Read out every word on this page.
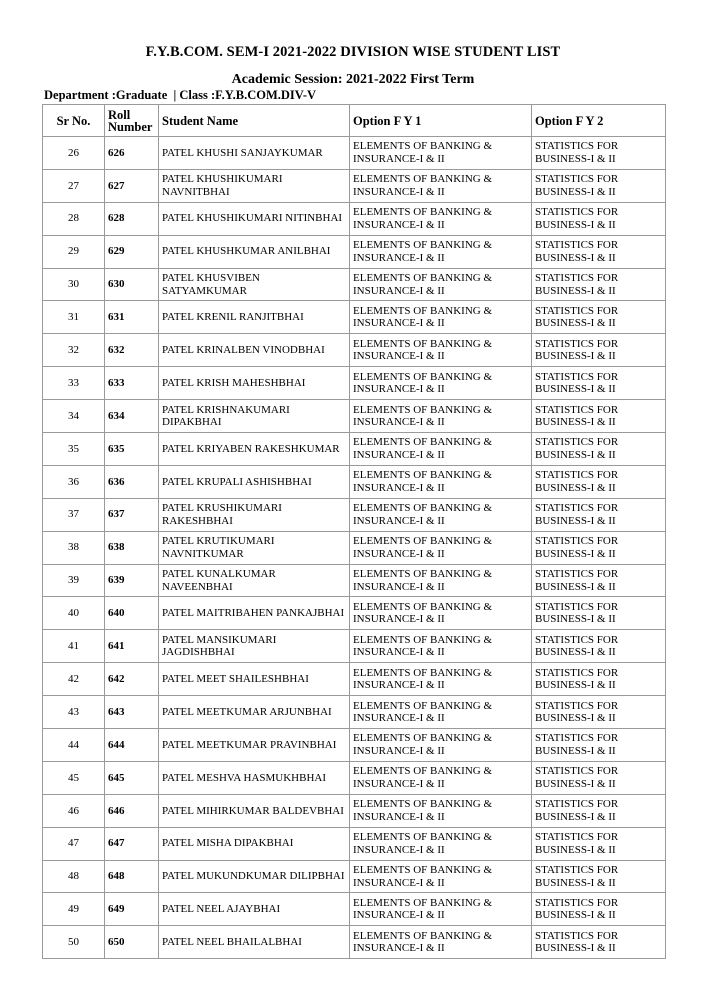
F.Y.B.COM. SEM-I 2021-2022 DIVISION WISE STUDENT LIST
Academic Session: 2021-2022 First Term
Department :Graduate  | Class :F.Y.B.COM.DIV-V
Sr No.	Roll Number	Student Name	Option F Y 1	Option F Y 2
26	626	PATEL KHUSHI SANJAYKUMAR	ELEMENTS OF BANKING & INSURANCE-I & II	STATISTICS FOR BUSINESS-I & II
27	627	PATEL KHUSHIKUMARI NAVNITBHAI	ELEMENTS OF BANKING & INSURANCE-I & II	STATISTICS FOR BUSINESS-I & II
28	628	PATEL KHUSHIKUMARI NITINBHAI	ELEMENTS OF BANKING & INSURANCE-I & II	STATISTICS FOR BUSINESS-I & II
29	629	PATEL KHUSHKUMAR ANILBHAI	ELEMENTS OF BANKING & INSURANCE-I & II	STATISTICS FOR BUSINESS-I & II
30	630	PATEL KHUSVIBEN SATYAMKUMAR	ELEMENTS OF BANKING & INSURANCE-I & II	STATISTICS FOR BUSINESS-I & II
31	631	PATEL KRENIL RANJITBHAI	ELEMENTS OF BANKING & INSURANCE-I & II	STATISTICS FOR BUSINESS-I & II
32	632	PATEL KRINALBEN VINODBHAI	ELEMENTS OF BANKING & INSURANCE-I & II	STATISTICS FOR BUSINESS-I & II
33	633	PATEL KRISH MAHESHBHAI	ELEMENTS OF BANKING & INSURANCE-I & II	STATISTICS FOR BUSINESS-I & II
34	634	PATEL KRISHNAKUMARI DIPAKBHAI	ELEMENTS OF BANKING & INSURANCE-I & II	STATISTICS FOR BUSINESS-I & II
35	635	PATEL KRIYABEN RAKESHKUMAR	ELEMENTS OF BANKING & INSURANCE-I & II	STATISTICS FOR BUSINESS-I & II
36	636	PATEL KRUPALI ASHISHBHAI	ELEMENTS OF BANKING & INSURANCE-I & II	STATISTICS FOR BUSINESS-I & II
37	637	PATEL KRUSHIKUMARI RAKESHBHAI	ELEMENTS OF BANKING & INSURANCE-I & II	STATISTICS FOR BUSINESS-I & II
38	638	PATEL KRUTIKUMARI NAVNITKUMAR	ELEMENTS OF BANKING & INSURANCE-I & II	STATISTICS FOR BUSINESS-I & II
39	639	PATEL KUNALKUMAR NAVEENBHAI	ELEMENTS OF BANKING & INSURANCE-I & II	STATISTICS FOR BUSINESS-I & II
40	640	PATEL MAITRIBAHEN PANKAJBHAI	ELEMENTS OF BANKING & INSURANCE-I & II	STATISTICS FOR BUSINESS-I & II
41	641	PATEL MANSIKUMARI JAGDISHBHAI	ELEMENTS OF BANKING & INSURANCE-I & II	STATISTICS FOR BUSINESS-I & II
42	642	PATEL MEET SHAILESHBHAI	ELEMENTS OF BANKING & INSURANCE-I & II	STATISTICS FOR BUSINESS-I & II
43	643	PATEL MEETKUMAR ARJUNBHAI	ELEMENTS OF BANKING & INSURANCE-I & II	STATISTICS FOR BUSINESS-I & II
44	644	PATEL MEETKUMAR PRAVINBHAI	ELEMENTS OF BANKING & INSURANCE-I & II	STATISTICS FOR BUSINESS-I & II
45	645	PATEL MESHVA HASMUKHBHAI	ELEMENTS OF BANKING & INSURANCE-I & II	STATISTICS FOR BUSINESS-I & II
46	646	PATEL MIHIRKUMAR BALDEVBHAI	ELEMENTS OF BANKING & INSURANCE-I & II	STATISTICS FOR BUSINESS-I & II
47	647	PATEL MISHA DIPAKBHAI	ELEMENTS OF BANKING & INSURANCE-I & II	STATISTICS FOR BUSINESS-I & II
48	648	PATEL MUKUNDKUMAR DILIPBHAI	ELEMENTS OF BANKING & INSURANCE-I & II	STATISTICS FOR BUSINESS-I & II
49	649	PATEL NEEL AJAYBHAI	ELEMENTS OF BANKING & INSURANCE-I & II	STATISTICS FOR BUSINESS-I & II
50	650	PATEL NEEL BHAILALBHAI	ELEMENTS OF BANKING & INSURANCE-I & II	STATISTICS FOR BUSINESS-I & II
